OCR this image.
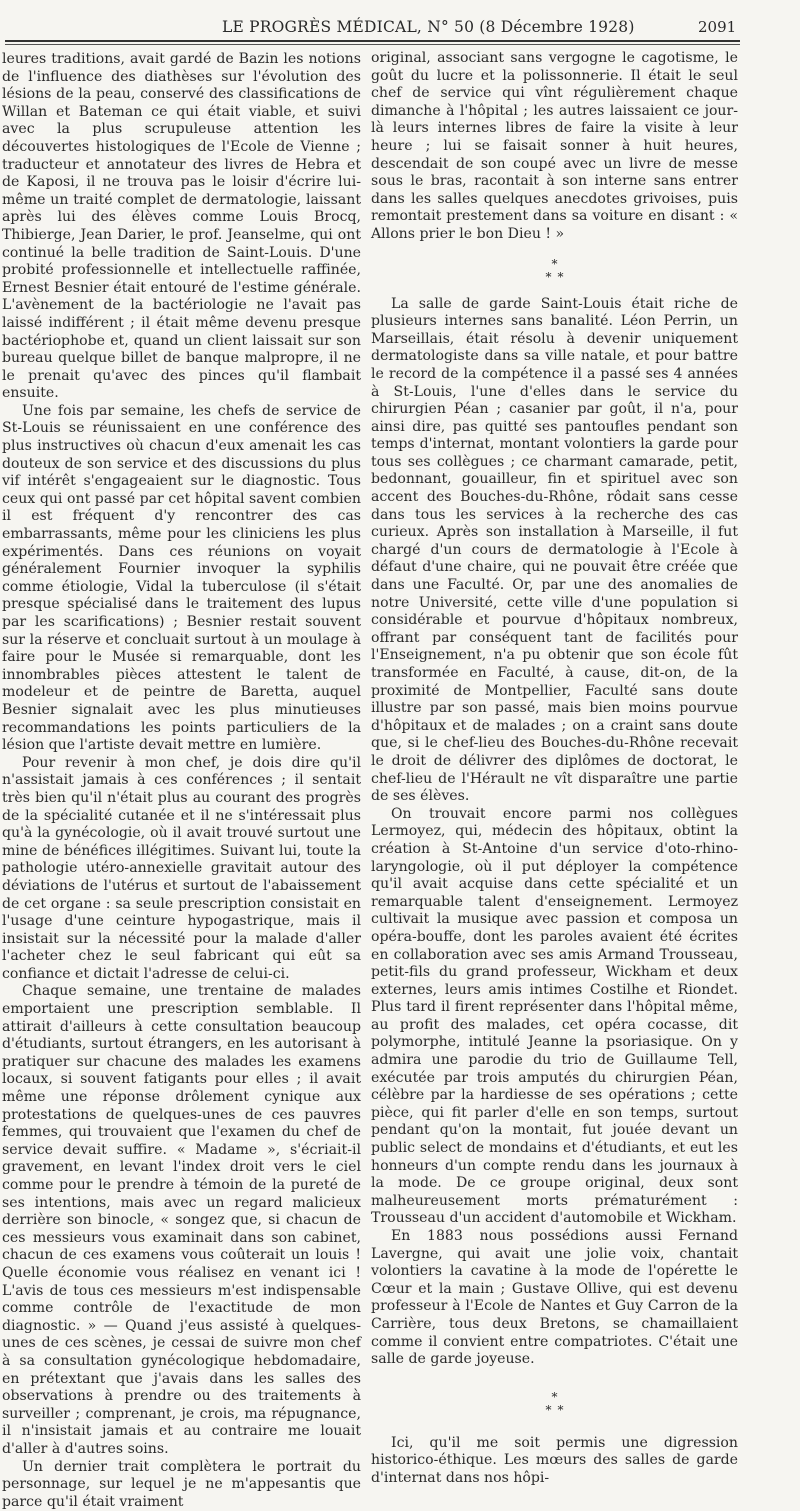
LE PROGRÈS MÉDICAL, N° 50 (8 Décembre 1928)	2091

leures traditions, avait gardé de Bazin les notions de l'influence des diathèses sur l'évolution des lésions de la peau, conservé des classifications de Willan et Bateman ce qui était viable, et suivi avec la plus scrupuleuse attention les découvertes histologiques de l'Ecole de Vienne ; traducteur et annotateur des livres de Hebra et de Kaposi, il ne trouva pas le loisir d'écrire lui-même un traité complet de dermatologie, laissant après lui des élèves comme Louis Brocq, Thibierge, Jean Darier, le prof. Jeanselme, qui ont continué la belle tradition de Saint-Louis. D'une probité professionnelle et intellectuelle raffinée, Ernest Besnier était entouré de l'estime générale. L'avènement de la bactériologie ne l'avait pas laissé indifférent ; il était même devenu presque bactériophobe et, quand un client laissait sur son bureau quelque billet de banque malpropre, il ne le prenait qu'avec des pinces qu'il flambait ensuite.

Une fois par semaine, les chefs de service de St-Louis se réunissaient en une conférence des plus instructives où chacun d'eux amenait les cas douteux de son service et des discussions du plus vif intérêt s'engageaient sur le diagnostic. Tous ceux qui ont passé par cet hôpital savent combien il est fréquent d'y rencontrer des cas embarrassants, même pour les cliniciens les plus expérimentés. Dans ces réunions on voyait généralement Fournier invoquer la syphilis comme étiologie, Vidal la tuberculose (il s'était presque spécialisé dans le traitement des lupus par les scarifications) ; Besnier restait souvent sur la réserve et concluait surtout à un moulage à faire pour le Musée si remarquable, dont les innombrables pièces attestent le talent de modeleur et de peintre de Baretta, auquel Besnier signalait avec les plus minutieuses recommandations les points particuliers de la lésion que l'artiste devait mettre en lumière.

Pour revenir à mon chef, je dois dire qu'il n'assistait jamais à ces conférences ; il sentait très bien qu'il n'était plus au courant des progrès de la spécialité cutanée et il ne s'intéressait plus qu'à la gynécologie, où il avait trouvé surtout une mine de bénéfices illégitimes. Suivant lui, toute la pathologie utéro-annexielle gravitait autour des déviations de l'utérus et surtout de l'abaissement de cet organe : sa seule prescription consistait en l'usage d'une ceinture hypogastrique, mais il insistait sur la nécessité pour la malade d'aller l'acheter chez le seul fabricant qui eût sa confiance et dictait l'adresse de celui-ci.

Chaque semaine, une trentaine de malades emportaient une prescription semblable. Il attirait d'ailleurs à cette consultation beaucoup d'étudiants, surtout étrangers, en les autorisant à pratiquer sur chacune des malades les examens locaux, si souvent fatigants pour elles ; il avait même une réponse drôlement cynique aux protestations de quelques-unes de ces pauvres femmes, qui trouvaient que l'examen du chef de service devait suffire. « Madame », s'écriait-il gravement, en levant l'index droit vers le ciel comme pour le prendre à témoin de la pureté de ses intentions, mais avec un regard malicieux derrière son binocle, « songez que, si chacun de ces messieurs vous examinait dans son cabinet, chacun de ces examens vous coûterait un louis ! Quelle économie vous réalisez en venant ici ! L'avis de tous ces messieurs m'est indispensable comme contrôle de l'exactitude de mon diagnostic. » — Quand j'eus assisté à quelques-unes de ces scènes, je cessai de suivre mon chef à sa consultation gynécologique hebdomadaire, en prétextant que j'avais dans les salles des observations à prendre ou des traitements à surveiller ; comprenant, je crois, ma répugnance, il n'insistait jamais et au contraire me louait d'aller à d'autres soins.

Un dernier trait complètera le portrait du personnage, sur lequel je ne m'appesantis que parce qu'il était vraiment

original, associant sans vergogne le cagotisme, le goût du lucre et la polissonnerie. Il était le seul chef de service qui vînt régulièrement chaque dimanche à l'hôpital ; les autres laissaient ce jour-là leurs internes libres de faire la visite à leur heure ; lui se faisait sonner à huit heures, descendait de son coupé avec un livre de messe sous le bras, racontait à son interne sans entrer dans les salles quelques anecdotes grivoises, puis remontait prestement dans sa voiture en disant : « Allons prier le bon Dieu ! »

*
**

La salle de garde Saint-Louis était riche de plusieurs internes sans banalité. Léon Perrin, un Marseillais, était résolu à devenir uniquement dermatologiste dans sa ville natale, et pour battre le record de la compétence il a passé ses 4 années à St-Louis, l'une d'elles dans le service du chirurgien Péan ; casanier par goût, il n'a, pour ainsi dire, pas quitté ses pantoufles pendant son temps d'internat, montant volontiers la garde pour tous ses collègues ; ce charmant camarade, petit, bedonnant, gouailleur, fin et spirituel avec son accent des Bouches-du-Rhône, rôdait sans cesse dans tous les services à la recherche des cas curieux. Après son installation à Marseille, il fut chargé d'un cours de dermatologie à l'Ecole à défaut d'une chaire, qui ne pouvait être créée que dans une Faculté. Or, par une des anomalies de notre Université, cette ville d'une population si considérable et pourvue d'hôpitaux nombreux, offrant par conséquent tant de facilités pour l'Enseignement, n'a pu obtenir que son école fût transformée en Faculté, à cause, dit-on, de la proximité de Montpellier, Faculté sans doute illustre par son passé, mais bien moins pourvue d'hôpitaux et de malades ; on a craint sans doute que, si le chef-lieu des Bouches-du-Rhône recevait le droit de délivrer des diplômes de doctorat, le chef-lieu de l'Hérault ne vît disparaître une partie de ses élèves.

On trouvait encore parmi nos collègues Lermoyez, qui, médecin des hôpitaux, obtint la création à St-Antoine d'un service d'oto-rhino-laryngologie, où il put déployer la compétence qu'il avait acquise dans cette spécialité et un remarquable talent d'enseignement. Lermoyez cultivait la musique avec passion et composa un opéra-bouffe, dont les paroles avaient été écrites en collaboration avec ses amis Armand Trousseau, petit-fils du grand professeur, Wickham et deux externes, leurs amis intimes Costilhe et Riondet. Plus tard il firent représenter dans l'hôpital même, au profit des malades, cet opéra cocasse, dit polymorphe, intitulé Jeanne la psoriasique. On y admira une parodie du trio de Guillaume Tell, exécutée par trois amputés du chirurgien Péan, célèbre par la hardiesse de ses opérations ; cette pièce, qui fit parler d'elle en son temps, surtout pendant qu'on la montait, fut jouée devant un public select de mondains et d'étudiants, et eut les honneurs d'un compte rendu dans les journaux à la mode. De ce groupe original, deux sont malheureusement morts prématurément : Trousseau d'un accident d'automobile et Wickham.

En 1883 nous possédions aussi Fernand Lavergne, qui avait une jolie voix, chantait volontiers la cavatine à la mode de l'opérette le Cœur et la main ; Gustave Ollive, qui est devenu professeur à l'Ecole de Nantes et Guy Carron de la Carrière, tous deux Bretons, se chamaillaient comme il convient entre compatriotes. C'était une salle de garde joyeuse.

*
**

Ici, qu'il me soit permis une digression historico-éthique. Les mœurs des salles de garde d'internat dans nos hôpi-
